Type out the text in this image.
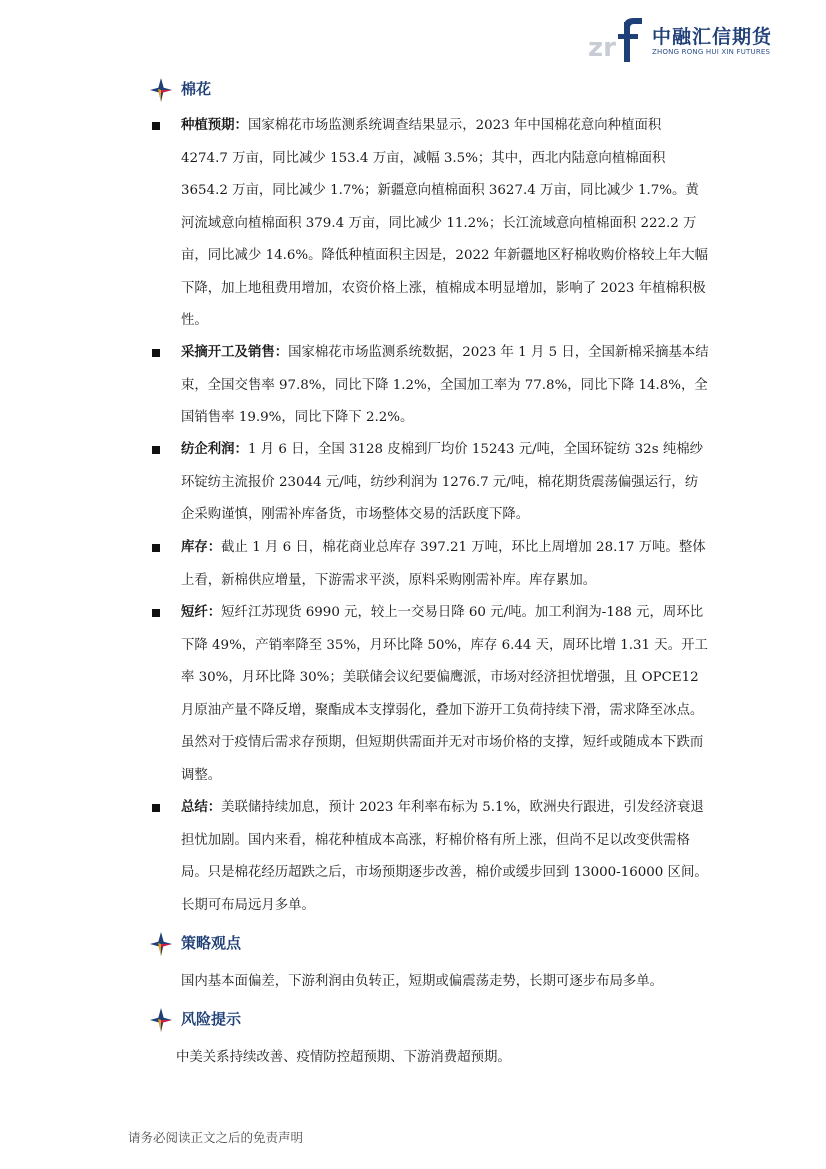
zr 中融汇信期货
ZHONG RONG HUI XIN FUTURES
棉花
种植预期：国家棉花市场监测系统调查结果显示，2023 年中国棉花意向种植面积 4274.7 万亩，同比减少 153.4 万亩，减幅 3.5%；其中，西北内陆意向植棉面积 3654.2 万亩，同比减少 1.7%；新疆意向植棉面积 3627.4 万亩，同比减少 1.7%。黄河流域意向植棉面积 379.4 万亩，同比减少 11.2%；长江流域意向植棉面积 222.2 万亩，同比减少 14.6%。降低种植面积主因是，2022 年新疆地区籽棉收购价格较上年大幅下降，加上地租费用增加，农资价格上涨，植棉成本明显增加，影响了 2023 年植棉积极性。
采摘开工及销售：国家棉花市场监测系统数据，2023 年 1 月 5 日，全国新棉采摘基本结束，全国交售率 97.8%，同比下降 1.2%，全国加工率为 77.8%，同比下降 14.8%，全国销售率 19.9%，同比下降下 2.2%。
纺企利润：1 月 6 日，全国 3128 皮棉到厂均价 15243 元/吨，全国环锭纺 32s 纯棉纱环锭纺主流报价 23044 元/吨，纺纱利润为 1276.7 元/吨，棉花期货震荡偏强运行，纺企采购谨慎，刚需补库备货，市场整体交易的活跃度下降。
库存：截止 1 月 6 日，棉花商业总库存 397.21 万吨，环比上周增加 28.17 万吨。整体上看，新棉供应增量，下游需求平淡，原料采购刚需补库。库存累加。
短纤：短纤江苏现货 6990 元，较上一交易日降 60 元/吨。加工利润为-188 元，周环比下降 49%，产销率降至 35%，月环比降 50%，库存 6.44 天，周环比增 1.31 天。开工率 30%，月环比降 30%；美联储会议纪要偏鹰派，市场对经济担忧增强，且 OPCE12 月原油产量不降反增，聚酯成本支撑弱化，叠加下游开工负荷持续下滑，需求降至冰点。虽然对于疫情后需求存预期，但短期供需面并无对市场价格的支撑，短纤或随成本下跌而调整。
总结：美联储持续加息，预计 2023 年利率布标为 5.1%，欧洲央行跟进，引发经济衰退担忧加剧。国内来看，棉花种植成本高涨，籽棉价格有所上涨，但尚不足以改变供需格局。只是棉花经历超跌之后，市场预期逐步改善，棉价或缓步回到 13000-16000 区间。长期可布局远月多单。
策略观点
国内基本面偏差，下游利润由负转正，短期或偏震荡走势，长期可逐步布局多单。
风险提示
中美关系持续改善、疫情防控超预期、下游消费超预期。
请务必阅读正文之后的免责声明
